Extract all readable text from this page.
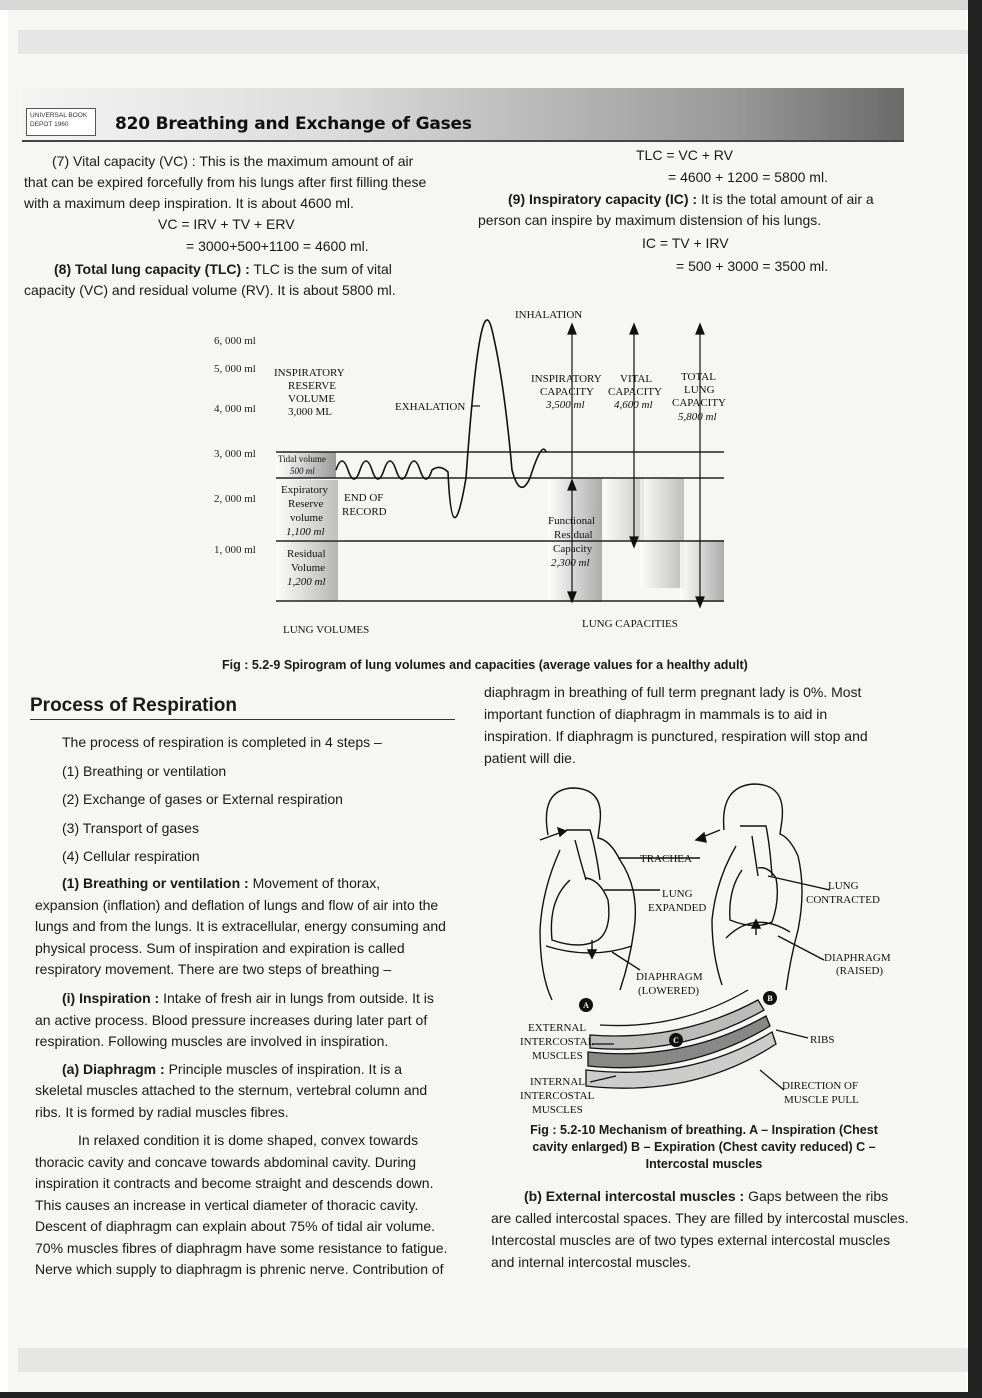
UNIVERSAL BOOK DEPOT 1960	820 Breathing and Exchange of Gases
(7) Vital capacity (VC) : This is the maximum amount of air
that can be expired forcefully from his lungs after first filling these
with a maximum deep inspiration. It is about 4600 ml.
VC = IRV + TV + ERV
= 3000+500+1100 = 4600 ml.
(8) Total lung capacity (TLC) : TLC is the sum of vital
capacity (VC) and residual volume (RV). It is about 5800 ml.
TLC = VC + RV
= 4600 + 1200 = 5800 ml.
(9) Inspiratory capacity (IC) : It is the total amount of air a
person can inspire by maximum distension of his lungs.
IC = TV + IRV
= 500 + 3000 = 3500 ml.
6, 000 ml
5, 000 ml
4, 000 ml
3, 000 ml
2, 000 ml
1, 000 ml
INHALATION
EXHALATION
INSPIRATORY
RESERVE
VOLUME
3,000 ML
Tidal volume
500 ml
Expiratory
Reserve
volume
1,100 ml
END OF
RECORD
Residual
Volume
1,200 ml
INSPIRATORY
CAPACITY
3,500 ml
VITAL
CAPACITY
4,600 ml
TOTAL
LUNG
CAPACITY
5,800 ml
Functional
Residual
Capacity
2,300 ml
LUNG VOLUMES	LUNG CAPACITIES
Fig : 5.2-9 Spirogram of lung volumes and capacities (average values for a healthy adult)
Process of Respiration
The process of respiration is completed in 4 steps –
(1) Breathing or ventilation
(2) Exchange of gases or External respiration
(3) Transport of gases
(4) Cellular respiration
(1) Breathing or ventilation : Movement of thorax,
expansion (inflation) and deflation of lungs and flow of air into the
lungs and from the lungs. It is extracellular, energy consuming and
physical process. Sum of inspiration and expiration is called
respiratory movement. There are two steps of breathing –
(i) Inspiration : Intake of fresh air in lungs from outside. It is
an active process. Blood pressure increases during later part of
respiration. Following muscles are involved in inspiration.
(a) Diaphragm : Principle muscles of inspiration. It is a
skeletal muscles attached to the sternum, vertebral column and
ribs. It is formed by radial muscles fibres.
In relaxed condition it is dome shaped, convex towards
thoracic cavity and concave towards abdominal cavity. During
inspiration it contracts and become straight and descends down.
This causes an increase in vertical diameter of thoracic cavity.
Descent of diaphragm can explain about 75% of tidal air volume.
70% muscles fibres of diaphragm have some resistance to fatigue.
Nerve which supply to diaphragm is phrenic nerve. Contribution of
diaphragm in breathing of full term pregnant lady is 0%. Most
important function of diaphragm in mammals is to aid in
inspiration. If diaphragm is punctured, respiration will stop and
patient will die.
A
B
C
TRACHEA
LUNG
EXPANDED
LUNG
CONTRACTED
DIAPHRAGM
(RAISED)
DIAPHRAGM
(LOWERED)
EXTERNAL
INTERCOSTAL
MUSCLES
INTERNAL
INTERCOSTAL
MUSCLES
RIBS
DIRECTION OF
MUSCLE PULL
Fig : 5.2-10 Mechanism of breathing. A – Inspiration (Chest
cavity enlarged) B – Expiration (Chest cavity reduced) C –
Intercostal muscles
(b) External intercostal muscles : Gaps between the ribs
are called intercostal spaces. They are filled by intercostal muscles.
Intercostal muscles are of two types external intercostal muscles
and internal intercostal muscles.
